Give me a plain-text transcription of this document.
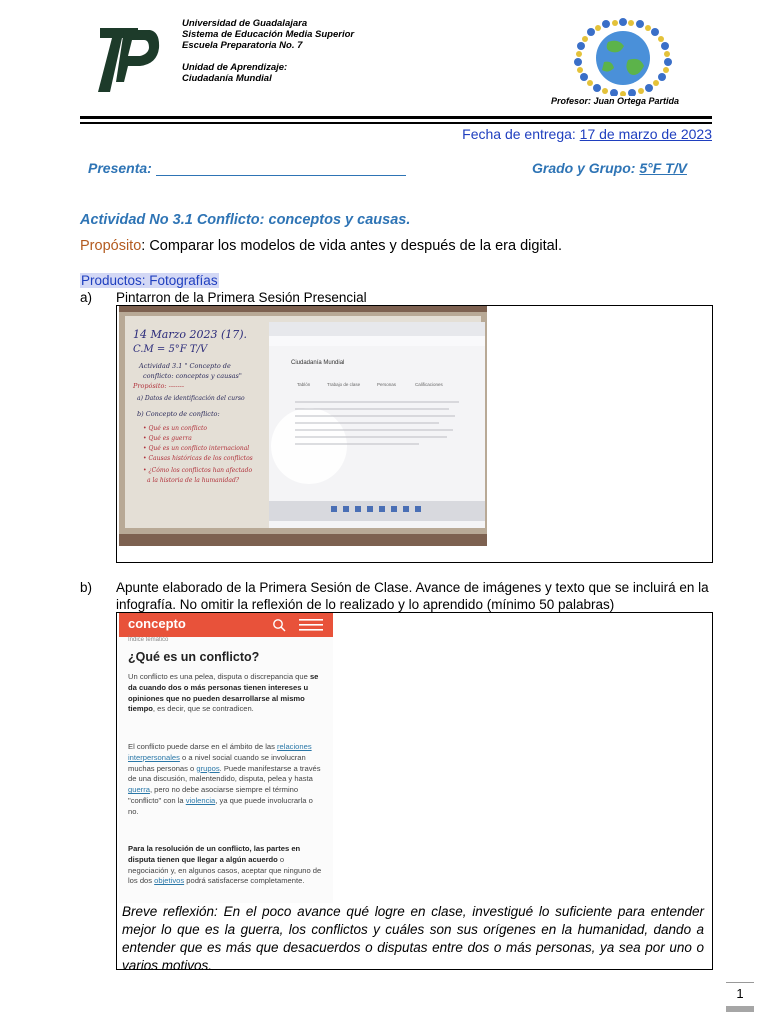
Universidad de Guadalajara
Sistema de Educación Media Superior
Escuela Preparatoria No. 7
Unidad de Aprendizaje:
Ciudadanía Mundial
Profesor: Juan Ortega Partida
Fecha de entrega: 17 de marzo de 2023
Presenta:	Grado y Grupo: 5°F T/V
Actividad No 3.1 Conflicto: conceptos y causas.
Propósito: Comparar los modelos de vida antes y después de la era digital.
Productos: Fotografías
a) Pintarron de la Primera Sesión Presencial
Ciudadanía Mundial
Tablón	Trabajo de clase	Personas	Calificaciones
14 Marzo 2023 (17).
C.M = 5°F T/V
Actividad 3.1 " Concepto de
conflicto: conceptos y causas"
Propósito: -------
a) Datos de identificación del curso
b) Concepto de conflicto:
• Qué es un conflicto
• Qué es guerra
• Qué es un conflicto internacional
• Causas históricas de los conflictos
• ¿Cómo los conflictos han afectado
a la historia de la humanidad?
b) Apunte elaborado de la Primera Sesión de Clase. Avance de imágenes y texto que se incluirá en la infografía. No omitir la reflexión de lo realizado y lo aprendido (mínimo 50 palabras)
concepto
Índice temático
¿Qué es un conflicto?
Un conflicto es una pelea, disputa o discrepancia que se da cuando dos o más personas tienen intereses u opiniones que no pueden desarrollarse al mismo tiempo, es decir, que se contradicen.
El conflicto puede darse en el ámbito de las relaciones interpersonales o a nivel social cuando se involucran muchas personas o grupos. Puede manifestarse a través de una discusión, malentendido, disputa, pelea y hasta guerra, pero no debe asociarse siempre el término "conflicto" con la violencia, ya que puede involucrarla o no.
Para la resolución de un conflicto, las partes en disputa tienen que llegar a algún acuerdo o negociación y, en algunos casos, aceptar que ninguno de los dos objetivos podrá satisfacerse completamente.
Breve reflexión: En el poco avance qué logre en clase, investigué lo suficiente para entender mejor lo que es la guerra, los conflictos y cuáles son sus orígenes en la humanidad, dando a entender que es más que desacuerdos o disputas entre dos o más personas, ya sea por uno o varios motivos.
1
